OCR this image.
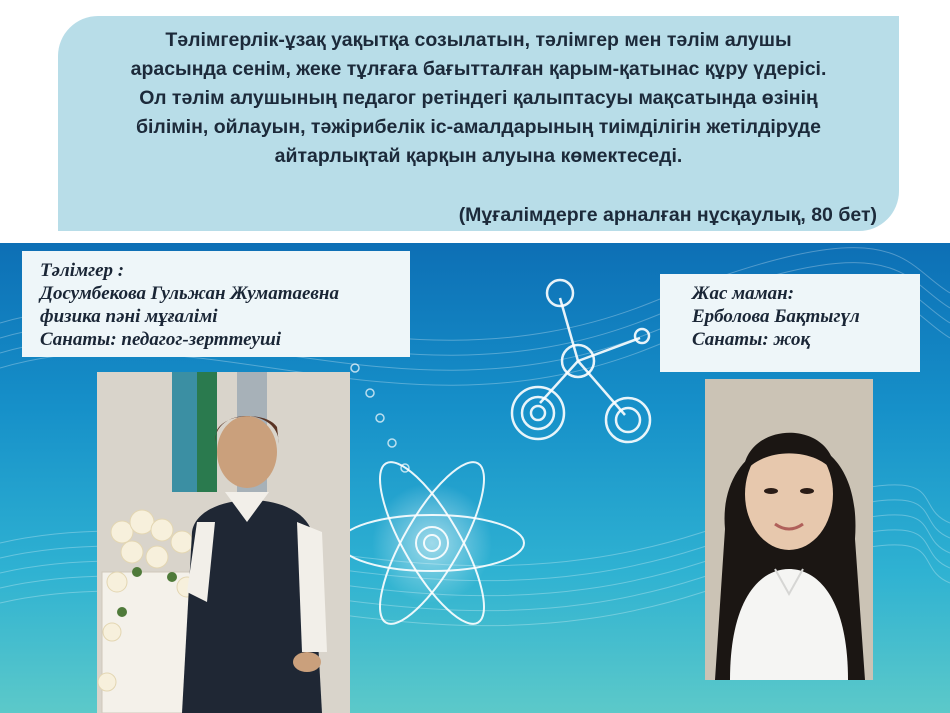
Тәлімгерлік-ұзақ уақытқа созылатын, тәлімгер мен тәлім алушы
арасында сенім, жеке тұлғаға бағытталған қарым-қатынас құру үдерісі.
Ол тәлім алушының педагог ретіндегі қалыптасуы мақсатында өзінің
білімін, ойлауын, тәжірибелік іс-амалдарының тиімділігін жетілдіруде
айтарлықтай қарқын алуына көмектеседі.

(Мұғалімдерге арналған нұсқаулық, 80 бет)
Тәлімгер :
Досумбекова Гульжан Жуматаевна
физика пәні мұғалімі
Санаты: педагог-зерттеуші
Жас маман:
Ерболова Бақтыгүл
Санаты: жоқ
